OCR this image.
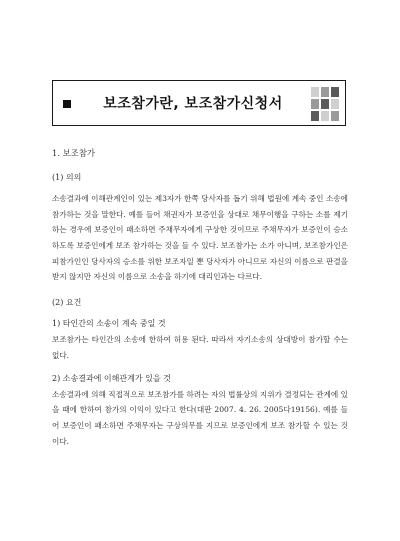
보조참가란, 보조참가신청서

1. 보조참가

(1) 의의

소송결과에 이해관계인이 있는 제3자가 한쪽 당사자를 돕기 위해 법원에 계속 중인 소송에 참가하는 것을 말한다. 예를 들어 채권자가 보증인을 상대로 채무이행을 구하는 소를 제기하는 경우에 보증인이 패소하면 주채무자에게 구상한 것이므로 주채무자가 보증인이 승소하도록 보증인에게 보조 참가하는 것을 들 수 있다. 보조참가는 소가 아니며, 보조참가인은 피참가인인 당사자의 승소를 위한 보조자일 뿐 당사자가 아니므로 자신의 이름으로 판결을 받지 않지만 자신의 이름으로 소송을 하기에 대리인과는 다르다.

(2) 요건

1) 타인간의 소송이 계속 중일 것

보조참가는 타인간의 소송에 한하여 허용 된다. 따라서 자기소송의 상대방이 참가할 수는 없다.

2) 소송결과에 이해관계가 있을 것

소송결과에 의해 직접적으로 보조참가를 하려는 자의 법률상의 지위가 결정되는 관계에 있을 때에 한하여 참가의 이익이 있다고 한다(대판 2007. 4. 26. 2005다19156). 예를 들어 보증인이 패소하면 주채무자는 구상의무를 지므로 보증인에게 보조 참가할 수 있는 것이다.
